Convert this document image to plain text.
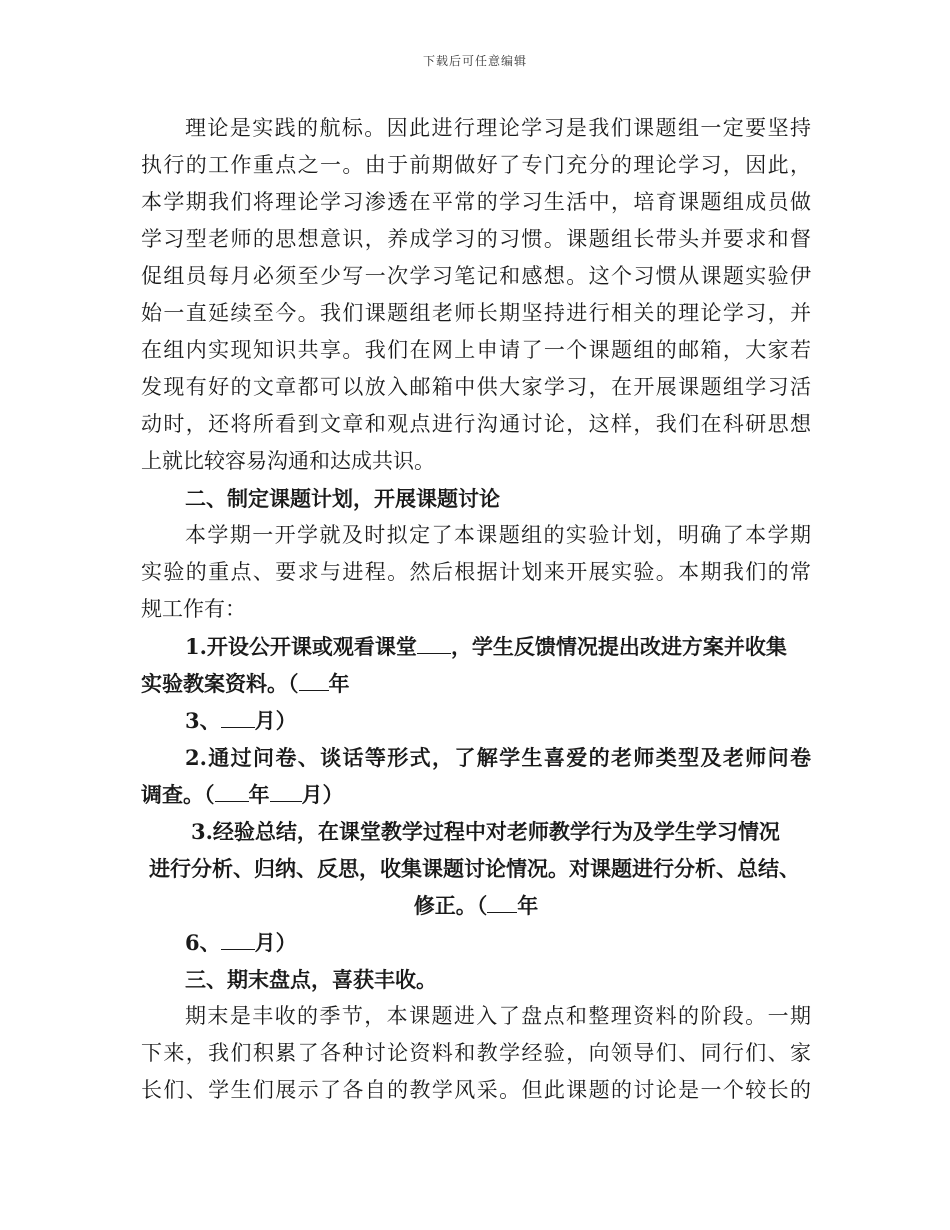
下载后可任意编辑
理论是实践的航标。因此进行理论学习是我们课题组一定要坚持
执行的工作重点之一。由于前期做好了专门充分的理论学习，因此，
本学期我们将理论学习渗透在平常的学习生活中，培育课题组成员做
学习型老师的思想意识，养成学习的习惯。课题组长带头并要求和督
促组员每月必须至少写一次学习笔记和感想。这个习惯从课题实验伊
始一直延续至今。我们课题组老师长期坚持进行相关的理论学习，并
在组内实现知识共享。我们在网上申请了一个课题组的邮箱，大家若
发现有好的文章都可以放入邮箱中供大家学习，在开展课题组学习活
动时，还将所看到文章和观点进行沟通讨论，这样，我们在科研思想
上就比较容易沟通和达成共识。
二、制定课题计划，开展课题讨论
本学期一开学就及时拟定了本课题组的实验计划，明确了本学期
实验的重点、要求与进程。然后根据计划来开展实验。本期我们的常
规工作有：
1.开设公开课或观看课堂 ，学生反馈情况提出改进方案并收集
实验教案资料。（ 年
3、 月）
2.通过问卷、谈话等形式，了解学生喜爱的老师类型及老师问卷
调查。（ 年 月）
3.经验总结，在课堂教学过程中对老师教学行为及学生学习情况
进行分析、归纳、反思，收集课题讨论情况。对课题进行分析、总结、
修正。（ 年
6、 月）
三、期末盘点，喜获丰收。
期末是丰收的季节，本课题进入了盘点和整理资料的阶段。一期
下来，我们积累了各种讨论资料和教学经验，向领导们、同行们、家
长们、学生们展示了各自的教学风采。但此课题的讨论是一个较长的
